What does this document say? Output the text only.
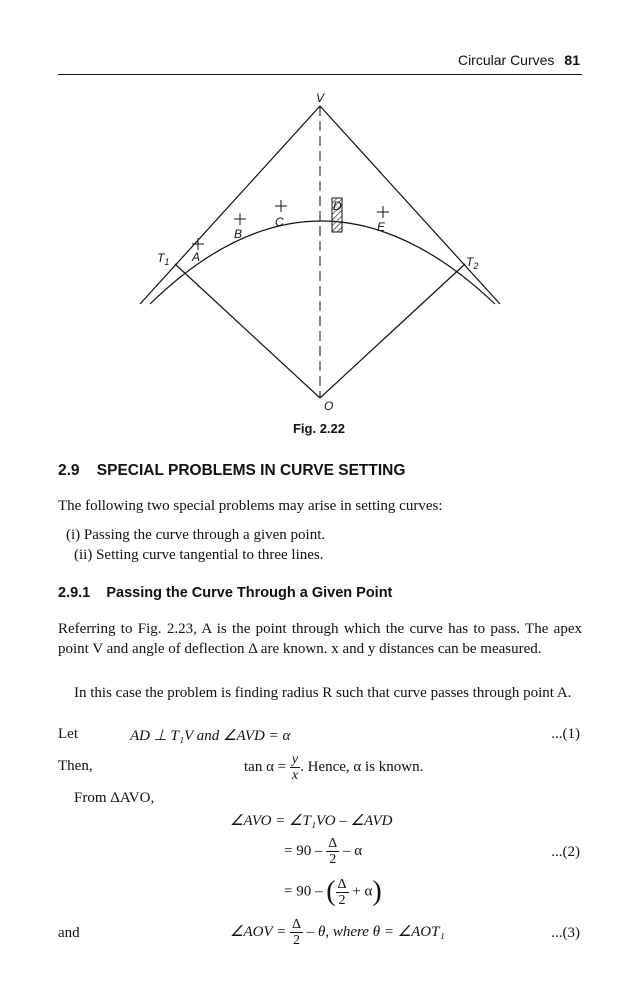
Circular Curves 81
V
$T_1$	$T_2$
A
B
C
D
E
O
Fig. 2.22
2.9 SPECIAL PROBLEMS IN CURVE SETTING
The following two special problems may arise in setting curves:
(i) Passing the curve through a given point.
(ii) Setting curve tangential to three lines.
2.9.1 Passing the Curve Through a Given Point
Referring to Fig. 2.23, A is the point through which the curve has to pass. The apex point V and angle of deflection Δ are known. x and y distances can be measured.
In this case the problem is finding radius R such that curve passes through point A.
Let	AD ⊥ T₁V and ∠AVD = α	...(1)
Then,	$\tan \alpha = \frac{y}{x}$ . Hence, α is known.
From ΔAVO,
∠AVO = ∠T₁VO – ∠AVD
= $90 - \frac{\Delta}{2}$ – α	...(2)
= 90 – ( $\frac{\Delta}{2} + \alpha$)
and	∠AOV = $\frac{\Delta}{2}$ – θ, where θ = ∠AOT₁	...(3)
